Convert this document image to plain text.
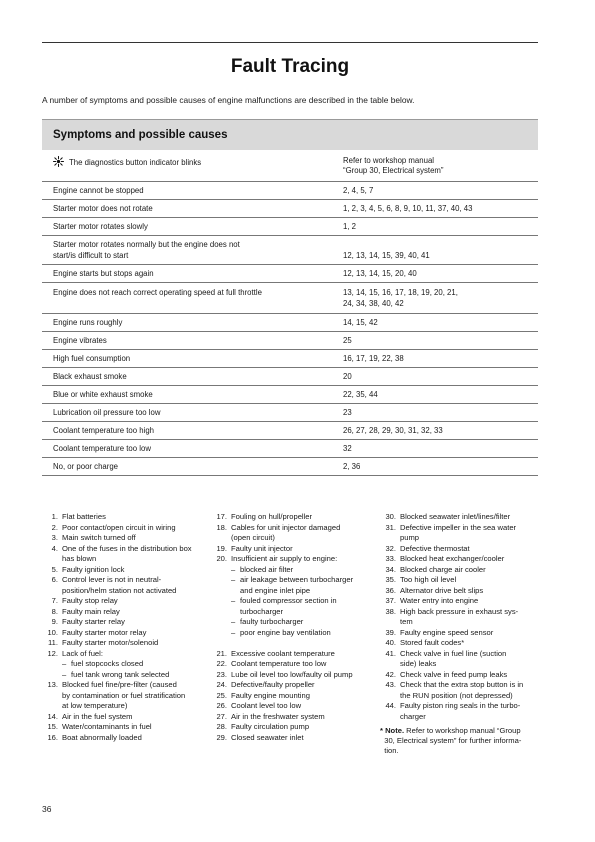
Fault Tracing
A number of symptoms and possible causes of engine malfunctions are described in the table below.
Symptoms and possible causes
The diagnostics button indicator blinks	Refer to workshop manual
“Group 30, Electrical system”
Engine cannot be stopped	2, 4, 5, 7
Starter motor does not rotate	1, 2, 3, 4, 5, 6, 8, 9, 10, 11, 37, 40, 43
Starter motor rotates slowly	1, 2
Starter motor rotates normally but the engine does not
start/is difficult to start	12, 13, 14, 15, 39, 40, 41
Engine starts but stops again	12, 13, 14, 15, 20, 40
Engine does not reach correct operating speed at full throttle	13, 14, 15, 16, 17, 18, 19, 20, 21,
24, 34, 38, 40, 42
Engine runs roughly	14, 15, 42
Engine vibrates	25
High fuel consumption	16, 17, 19, 22, 38
Black exhaust smoke	20
Blue or white exhaust smoke	22, 35, 44
Lubrication oil pressure too low	23
Coolant temperature too high	26, 27, 28, 29, 30, 31, 32, 33
Coolant temperature too low	32
No, or poor charge	2, 36
1. Flat batteries
2. Poor contact/open circuit in wiring
3. Main switch turned off
4. One of the fuses in the distribution box has blown
5. Faulty ignition lock
6. Control lever is not in neutral-
position/helm station not activated
7. Faulty stop relay
8. Faulty main relay
9. Faulty starter relay
10. Faulty starter motor relay
11. Faulty starter motor/solenoid
12. Lack of fuel:
– fuel stopcocks closed
– fuel tank wrong tank selected
13. Blocked fuel fine/pre-filter (caused
by contamination or fuel stratification
at low temperature)
14. Air in the fuel system
15. Water/contaminants in fuel
16. Boat abnormally loaded
17. Fouling on hull/propeller
18. Cables for unit injector damaged
(open circuit)
19. Faulty unit injector
20. Insufficient air supply to engine:
– blocked air filter
– air leakage between turbocharger
and engine inlet pipe
– fouled compressor section in
turbocharger
– faulty turbocharger
– poor engine bay ventilation
21. Excessive coolant temperature
22. Coolant temperature too low
23. Lube oil level too low/faulty oil pump
24. Defective/faulty propeller
25. Faulty engine mounting
26. Coolant level too low
27. Air in the freshwater system
28. Faulty circulation pump
29. Closed seawater inlet
30. Blocked seawater inlet/lines/filter
31. Defective impeller in the sea water
pump
32. Defective thermostat
33. Blocked heat exchanger/cooler
34. Blocked charge air cooler
35. Too high oil level
36. Alternator drive belt slips
37. Water entry into engine
38. High back pressure in exhaust sys-
tem
39. Faulty engine speed sensor
40. Stored fault codes*
41. Check valve in fuel line (suction
side) leaks
42. Check valve in feed pump leaks
43. Check that the extra stop button is in
the RUN position (not depressed)
44. Faulty piston ring seals in the turbo-
charger
* Note. Refer to workshop manual “Group
30, Electrical system” for further informa-
tion.
36
